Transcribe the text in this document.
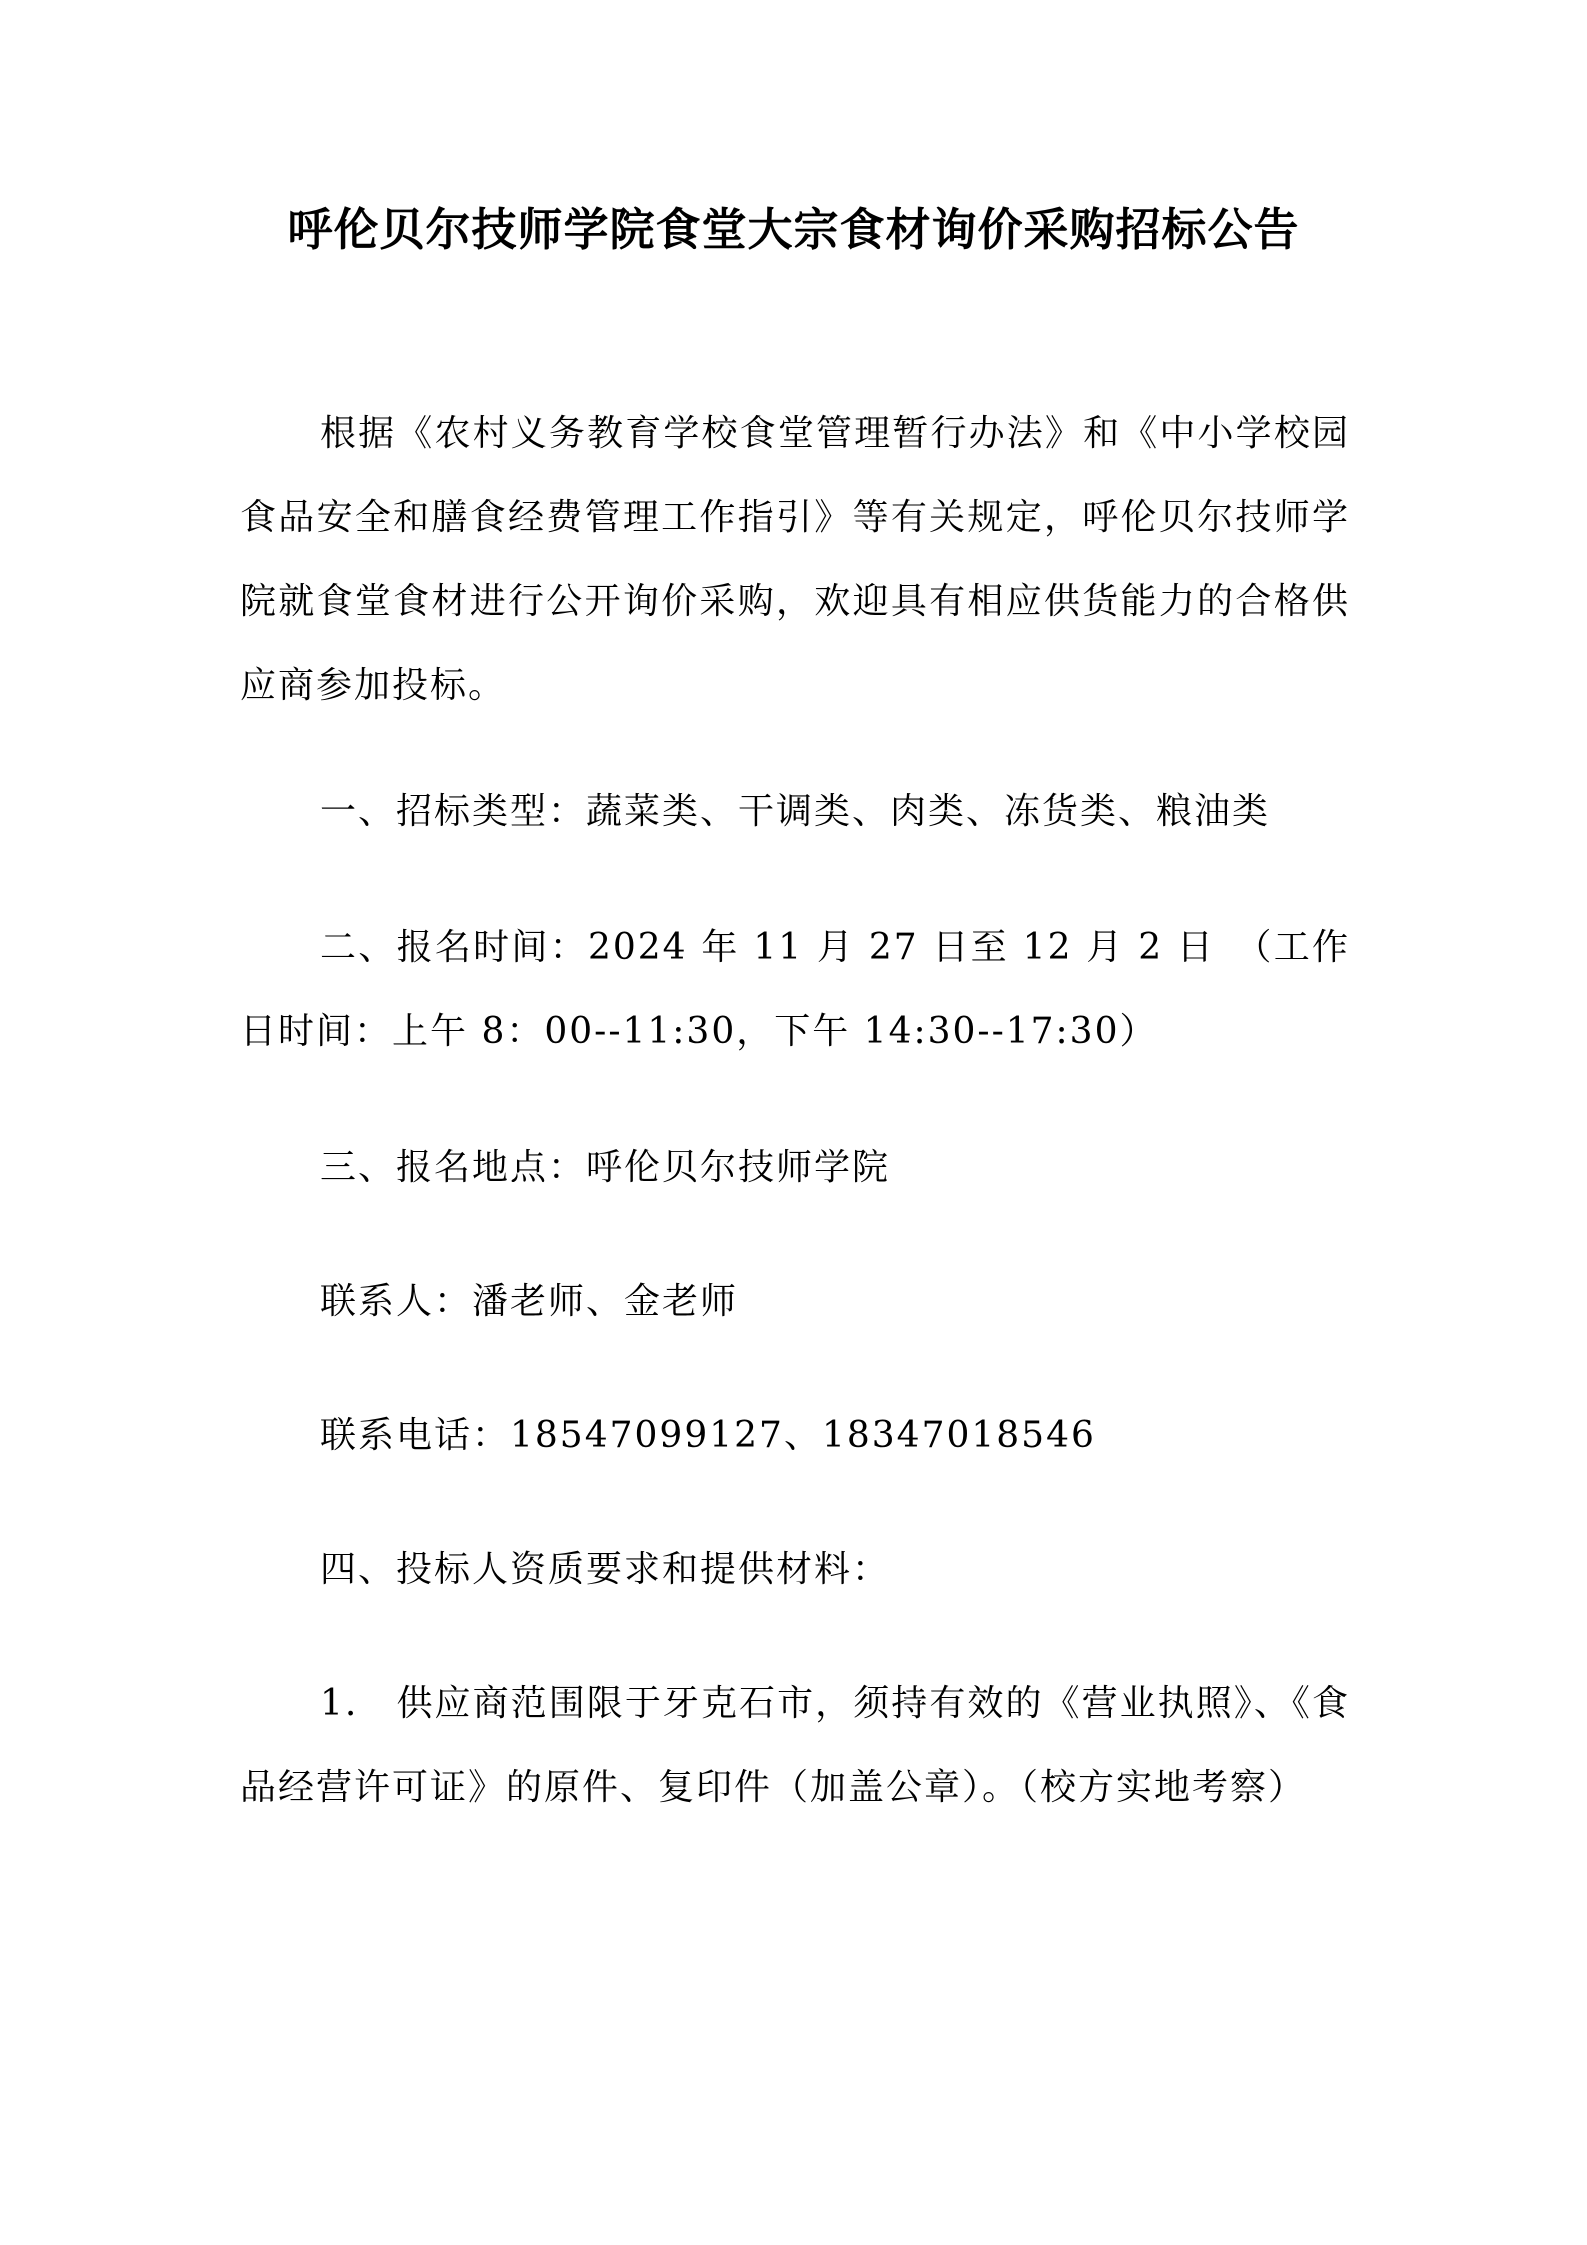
呼伦贝尔技师学院食堂大宗食材询价采购招标公告

根据《农村义务教育学校食堂管理暂行办法》和《中小学校园食品安全和膳食经费管理工作指引》等有关规定，呼伦贝尔技师学院就食堂食材进行公开询价采购，欢迎具有相应供货能力的合格供应商参加投标。

一、招标类型：蔬菜类、干调类、肉类、冻货类、粮油类

二、报名时间：2024 年 11 月 27 日至 12 月 2 日　（工作日时间：上午 8：00--11:30，下午 14:30--17:30）

三、报名地点：呼伦贝尔技师学院

联系人：潘老师、金老师

联系电话：18547099127、18347018546

四、投标人资质要求和提供材料：

1.　供应商范围限于牙克石市，须持有效的《营业执照》、《食品经营许可证》的原件、复印件（加盖公章）。（校方实地考察）
